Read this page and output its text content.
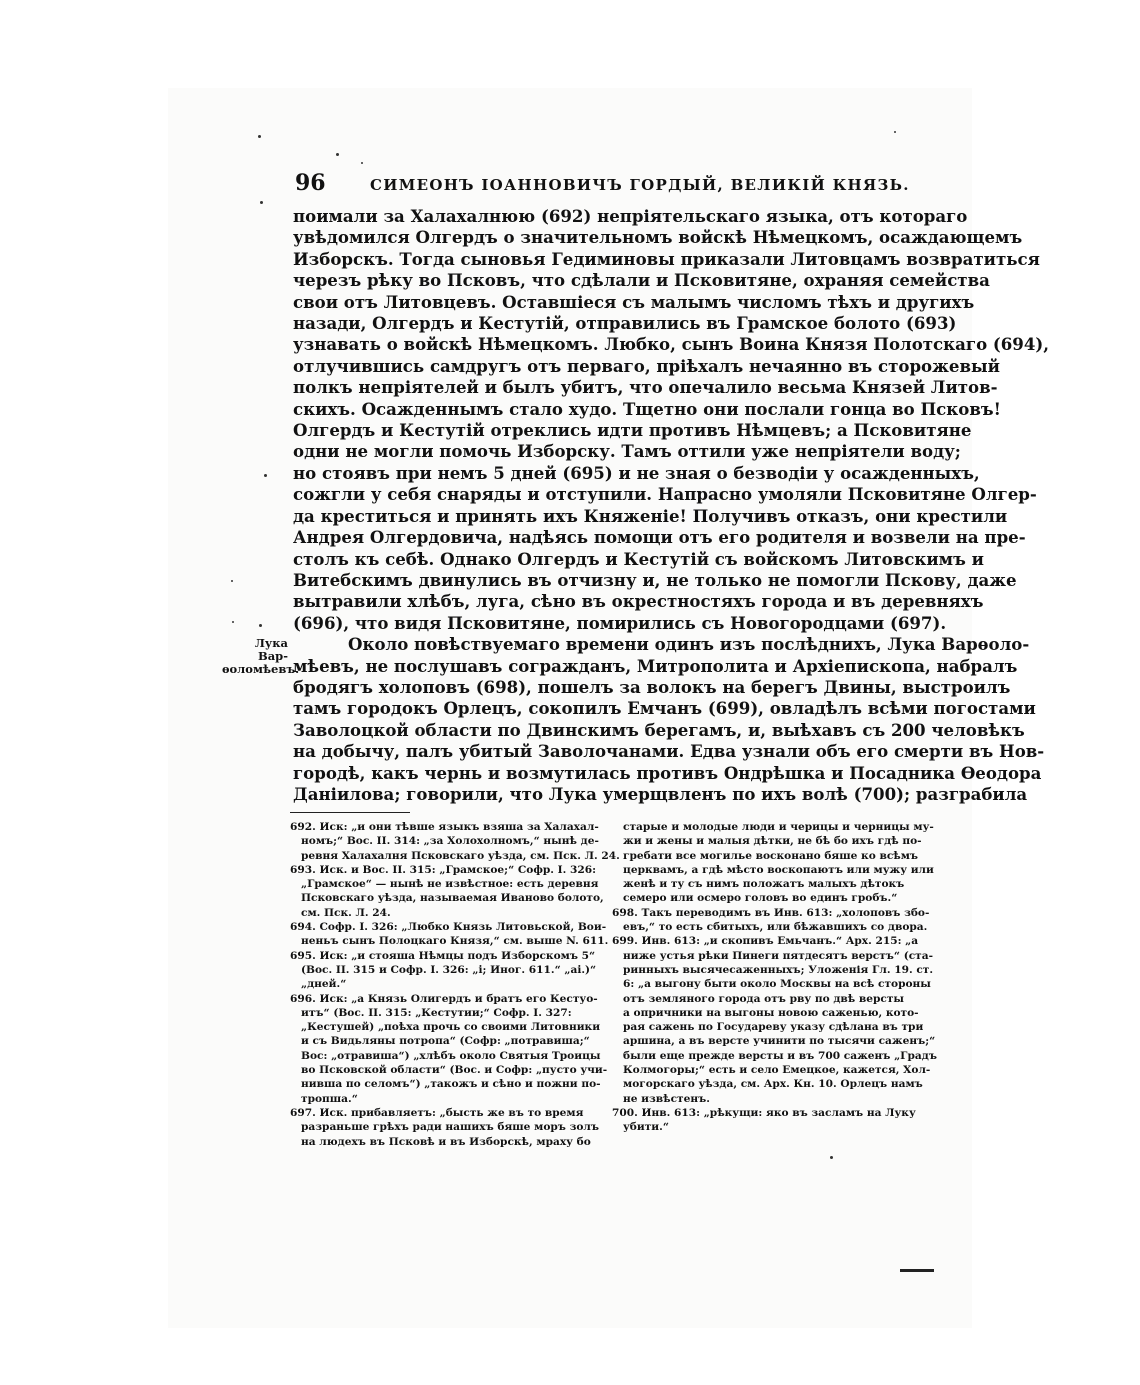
96	СИМЕОНЪ ІОАННОВИЧЪ ГОРДЫЙ, ВЕЛИКІЙ КНЯЗЬ.
Лука Вар-
ѳоломѣевъ.
поимали за Халахалнюю (692) непріятельскаго языка, отъ котораго
увѣдомился Олгердъ о значительномъ войскѣ Нѣмецкомъ, осаждающемъ
Изборскъ. Тогда сыновья Гедиминовы приказали Литовцамъ возвратиться
черезъ рѣку во Псковъ, что сдѣлали и Псковитяне, охраняя семейства
свои отъ Литовцевъ. Оставшіеся съ малымъ числомъ тѣхъ и другихъ
назади, Олгердъ и Кестутій, отправились въ Грамское болото (693)
узнавать о войскѣ Нѣмецкомъ. Любко, сынъ Воина Князя Полотскаго (694),
отлучившись самдругъ отъ перваго, пріѣхалъ нечаянно въ сторожевый
полкъ непріятелей и былъ убитъ, что опечалило весьма Князей Литов-
скихъ. Осажденнымъ стало худо. Тщетно они послали гонца во Псковъ!
Олгердъ и Кестутій отреклись идти противъ Нѣмцевъ; а Псковитяне
одни не могли помочь Изборску. Тамъ оттили уже непріятели воду;
но стоявъ при немъ 5 дней (695) и не зная о безводіи у осажденныхъ,
сожгли у себя снаряды и отступили. Напрасно умоляли Псковитяне Олгер-
да креститься и принять ихъ Княженіе! Получивъ отказъ, они крестили
Андрея Олгердовича, надѣясь помощи отъ его родителя и возвели на пре-
столъ къ себѣ. Однако Олгердъ и Кестутій съ войскомъ Литовскимъ и
Витебскимъ двинулись въ отчизну и, не только не помогли Пскову, даже
вытравили хлѣбъ, луга, сѣно въ окрестностяхъ города и въ деревняхъ
(696), что видя Псковитяне, помирились съ Новогородцами (697).
Около повѣствуемаго времени одинъ изъ послѣднихъ, Лука Варѳоло-
мѣевъ, не послушавъ согражданъ, Митрополита и Архіепископа, набралъ
бродягъ холоповъ (698), пошелъ за волокъ на берегъ Двины, выстроилъ
тамъ городокъ Орлецъ, сокопилъ Емчанъ (699), овладѣлъ всѣми погостами
Заволоцкой области по Двинскимъ берегамъ, и, выѣхавъ съ 200 человѣкъ
на добычу, палъ убитый Заволочанами. Едва узнали объ его смерти въ Нов-
городѣ, какъ чернь и возмутилась противъ Ондрѣшка и Посадника Ѳеодора
Даніилова; говорили, что Лука умерщвленъ по ихъ волѣ (700); разграбила
692. Иск: „и они тѣвше языкъ взяша за Халахал-
номъ;“ Вос. II. 314: „за Холохолномъ,“ нынѣ де-
ревня Халахалня Псковскаго уѣзда, см. Пск. Л. 24.
693. Иск. и Вос. II. 315: „Грамское;“ Софр. I. 326:
„Грамское“ — нынѣ не извѣстное: есть деревня
Псковскаго уѣзда, называемая Иваново болото,
см. Пск. Л. 24.
694. Софр. I. 326: „Любко Князь Литовьской, Вои-
неньъ сынъ Полоцкаго Князя,“ см. выше N. 611.
695. Иск: „и стояша Нѣмцы подъ Изборскомъ 5“
(Вос. II. 315 и Софр. I. 326: „i; Иног. 611.“ „ai.)“
„дней.“
696. Иск: „а Князь Олигердъ и братъ его Кестуо-
итъ“ (Вос. II. 315: „Кестутии;“ Софр. I. 327:
„Кестушей) „поѣха прочь со своими Литовники
и съ Видьляны потропа“ (Софр: „потравиша;“
Вос: „отравиша“) „хлѣбъ около Святыя Троицы
во Псковской области“ (Вос. и Софр: „пусто учи-
нивша по селомъ“) „такожъ и сѣно и пожни по-
тропша.“
697. Иск. прибавляетъ: „бысть же въ то время
разраньше грѣхъ ради нашихъ бяше моръ золъ
на людехъ въ Псковѣ и въ Изборскѣ, мраху бо
старые и молодые люди и черицы и черницы му-
жи и жены и малыя дѣтки, не бѣ бо ихъ гдѣ по-
гребати все могилье восконано бяше ко всѣмъ
церквамъ, а гдѣ мѣсто воскопаютъ или мужу или
женѣ и ту съ нимъ положатъ малыхъ дѣтокъ
семеро или осмеро головъ во единъ гробъ.“
698. Такъ переводимъ въ Инв. 613: „холоповъ збо-
евъ,“ то есть сбитыхъ, или бѣжавшихъ со двора.
699. Инв. 613: „и скопивъ Емьчанъ.“ Арх. 215: „а
ниже устья рѣки Пинеги пятдесятъ верстъ“ (ста-
ринныхъ высячесаженныхъ; Уложенія Гл. 19. ст.
6: „а выгону быти около Москвы на всѣ стороны
отъ земляного города отъ рву по двѣ версты
а опричники на выгоны новою саженью, кото-
рая сажень по Государеву указу сдѣлана въ три
аршина, а въ версте учинити по тысячи саженъ;“
были еще прежде версты и въ 700 саженъ „Градъ
Колмогоры;“ есть и село Емецкое, кажется, Хол-
могорскаго уѣзда, см. Арх. Кн. 10. Орлецъ намъ
не извѣстенъ.
700. Инв. 613: „рѣкущи: яко въ засламъ на Луку
убити.“
